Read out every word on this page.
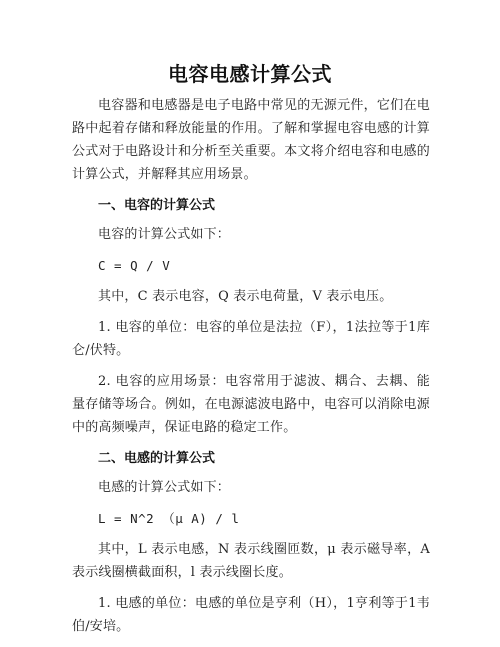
电容电感计算公式

电容器和电感器是电子电路中常见的无源元件，它们在电路中起着存储和释放能量的作用。了解和掌握电容电感的计算公式对于电路设计和分析至关重要。本文将介绍电容和电感的计算公式，并解释其应用场景。

一、电容的计算公式

电容的计算公式如下：

C = Q / V

其中，C 表示电容，Q 表示电荷量，V 表示电压。

1. 电容的单位：电容的单位是法拉（F），1法拉等于1库仑/伏特。

2. 电容的应用场景：电容常用于滤波、耦合、去耦、能量存储等场合。例如，在电源滤波电路中，电容可以消除电源中的高频噪声，保证电路的稳定工作。

二、电感的计算公式

电感的计算公式如下：

L = N^2 （μ A) / l

其中，L 表示电感，N 表示线圈匝数，μ 表示磁导率，A 表示线圈横截面积，l 表示线圈长度。

1. 电感的单位：电感的单位是亨利（H），1亨利等于1韦伯/安培。
